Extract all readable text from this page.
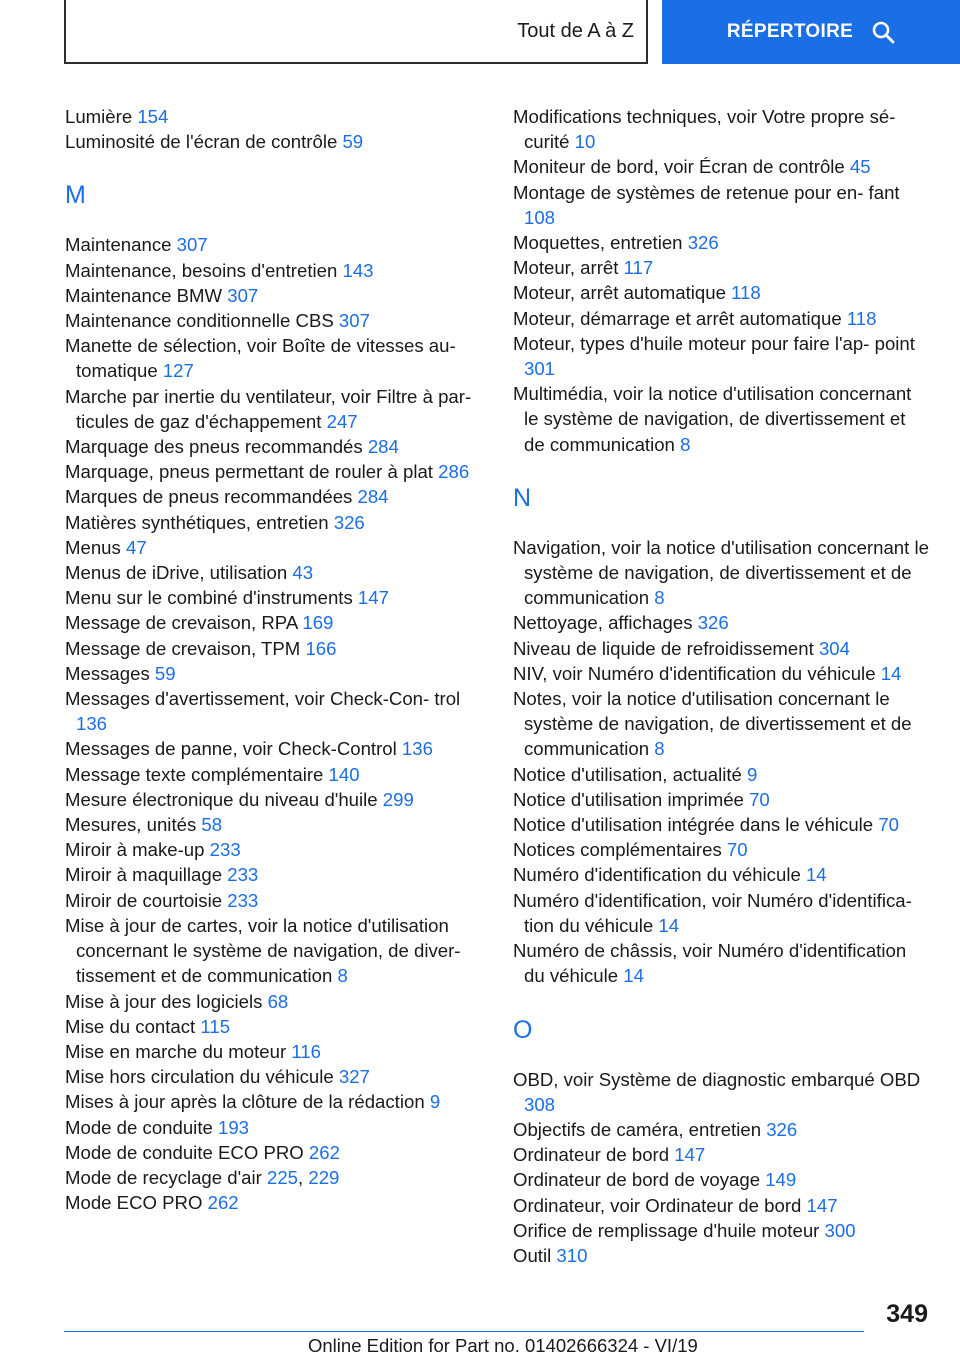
Tout de A à Z	RÉPERTOIRE
Lumière 154
Luminosité de l'écran de contrôle 59
M
Maintenance 307
Maintenance, besoins d'entretien 143
Maintenance BMW 307
Maintenance conditionnelle CBS 307
Manette de sélection, voir Boîte de vitesses au‐ tomatique 127
Marche par inertie du ventilateur, voir Filtre à par‐ ticules de gaz d'échappement 247
Marquage des pneus recommandés 284
Marquage, pneus permettant de rouler à plat 286
Marques de pneus recommandées 284
Matières synthétiques, entretien 326
Menus 47
Menus de iDrive, utilisation 43
Menu sur le combiné d'instruments 147
Message de crevaison, RPA 169
Message de crevaison, TPM 166
Messages 59
Messages d'avertissement, voir Check-Con‐ trol 136
Messages de panne, voir Check-Control 136
Message texte complémentaire 140
Mesure électronique du niveau d'huile 299
Mesures, unités 58
Miroir à make-up 233
Miroir à maquillage 233
Miroir de courtoisie 233
Mise à jour de cartes, voir la notice d'utilisation concernant le système de navigation, de diver‐ tissement et de communication 8
Mise à jour des logiciels 68
Mise du contact 115
Mise en marche du moteur 116
Mise hors circulation du véhicule 327
Mises à jour après la clôture de la rédaction 9
Mode de conduite 193
Mode de conduite ECO PRO 262
Mode de recyclage d'air 225, 229
Mode ECO PRO 262
Modifications techniques, voir Votre propre sé‐ curité 10
Moniteur de bord, voir Écran de contrôle 45
Montage de systèmes de retenue pour en‐ fant 108
Moquettes, entretien 326
Moteur, arrêt 117
Moteur, arrêt automatique 118
Moteur, démarrage et arrêt automatique 118
Moteur, types d'huile moteur pour faire l'ap‐ point 301
Multimédia, voir la notice d'utilisation concernant le système de navigation, de divertissement et de communication 8
N
Navigation, voir la notice d'utilisation concernant le système de navigation, de divertissement et de communication 8
Nettoyage, affichages 326
Niveau de liquide de refroidissement 304
NIV, voir Numéro d'identification du véhicule 14
Notes, voir la notice d'utilisation concernant le système de navigation, de divertissement et de communication 8
Notice d'utilisation, actualité 9
Notice d'utilisation imprimée 70
Notice d'utilisation intégrée dans le véhicule 70
Notices complémentaires 70
Numéro d'identification du véhicule 14
Numéro d'identification, voir Numéro d'identifica‐ tion du véhicule 14
Numéro de châssis, voir Numéro d'identification du véhicule 14
O
OBD, voir Système de diagnostic embarqué OBD 308
Objectifs de caméra, entretien 326
Ordinateur de bord 147
Ordinateur de bord de voyage 149
Ordinateur, voir Ordinateur de bord 147
Orifice de remplissage d'huile moteur 300
Outil 310
349
Online Edition for Part no. 01402666324 - VI/19
